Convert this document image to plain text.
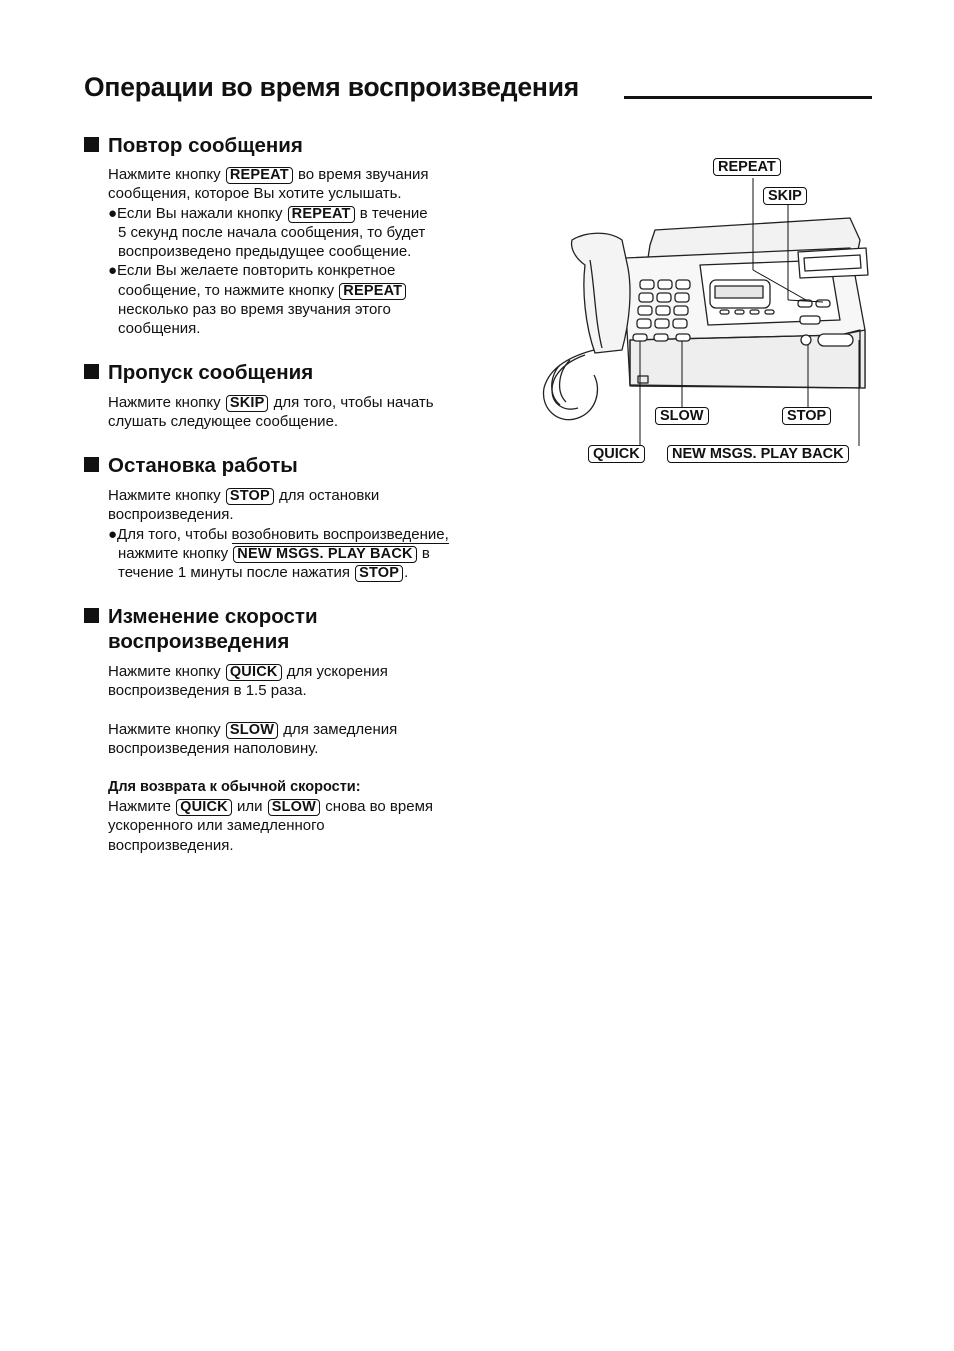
Операции во время воспроизведения
Повтор сообщения
Нажмите кнопку REPEAT во время звучания
сообщения, которое Вы хотите услышать.
●Если Вы нажали кнопку REPEAT в течение
5 секунд после начала сообщения, то будет
воспроизведено предыдущее сообщение.
●Если Вы желаете повторить конкретное
сообщение, то нажмите кнопку REPEAT
несколько раз во время звучания этого
сообщения.
Пропуск сообщения
Нажмите кнопку SKIP для того, чтобы начать
слушать следующее сообщение.
Остановка работы
Нажмите кнопку STOP для остановки
воспроизведения.
●Для того, чтобы возобновить воспроизведение,
нажмите кнопку NEW MSGS. PLAY BACK в
течение 1 минуты после нажатия STOP .
Изменение скорости
воспроизведения
Нажмите кнопку QUICK для ускорения
воспроизведения в 1.5 раза.
Нажмите кнопку SLOW для замедления
воспроизведения наполовину.
Для возврата к обычной скорости:
Нажмите QUICK или SLOW снова во время
ускоренного или замедленного
воспроизведения.
REPEAT
SKIP
SLOW	STOP
QUICK	NEW MSGS. PLAY BACK
